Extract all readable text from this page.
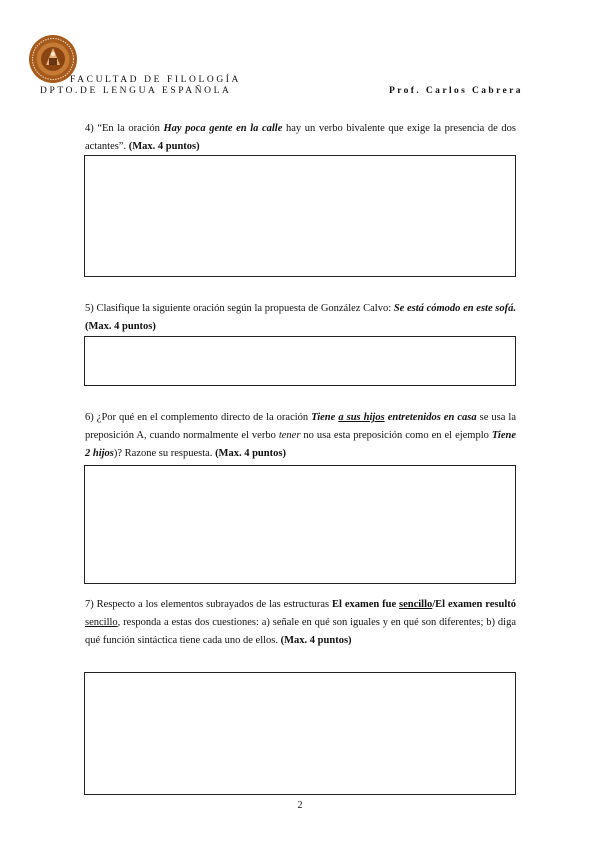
FACULTAD DE FILOLOGÍA
DPTO.DE LENGUA ESPAÑOLA	Prof. Carlos Cabrera

4) “En la oración Hay poca gente en la calle hay un verbo bivalente que exige la presencia de dos actantes”. (Max. 4 puntos)

5) Clasifique la siguiente oración según la propuesta de González Calvo: Se está cómodo en este sofá. (Max. 4 puntos)

6) ¿Por qué en el complemento directo de la oración Tiene a sus hijos entretenidos en casa se usa la preposición A, cuando normalmente el verbo tener no usa esta preposición como en el ejemplo Tiene 2 hijos)? Razone su respuesta. (Max. 4 puntos)

7) Respecto a los elementos subrayados de las estructuras El examen fue sencillo/El examen resultó sencillo, responda a estas dos cuestiones: a) señale en qué son iguales y en qué son diferentes; b) diga qué función sintáctica tiene cada uno de ellos. (Max. 4 puntos)

2
